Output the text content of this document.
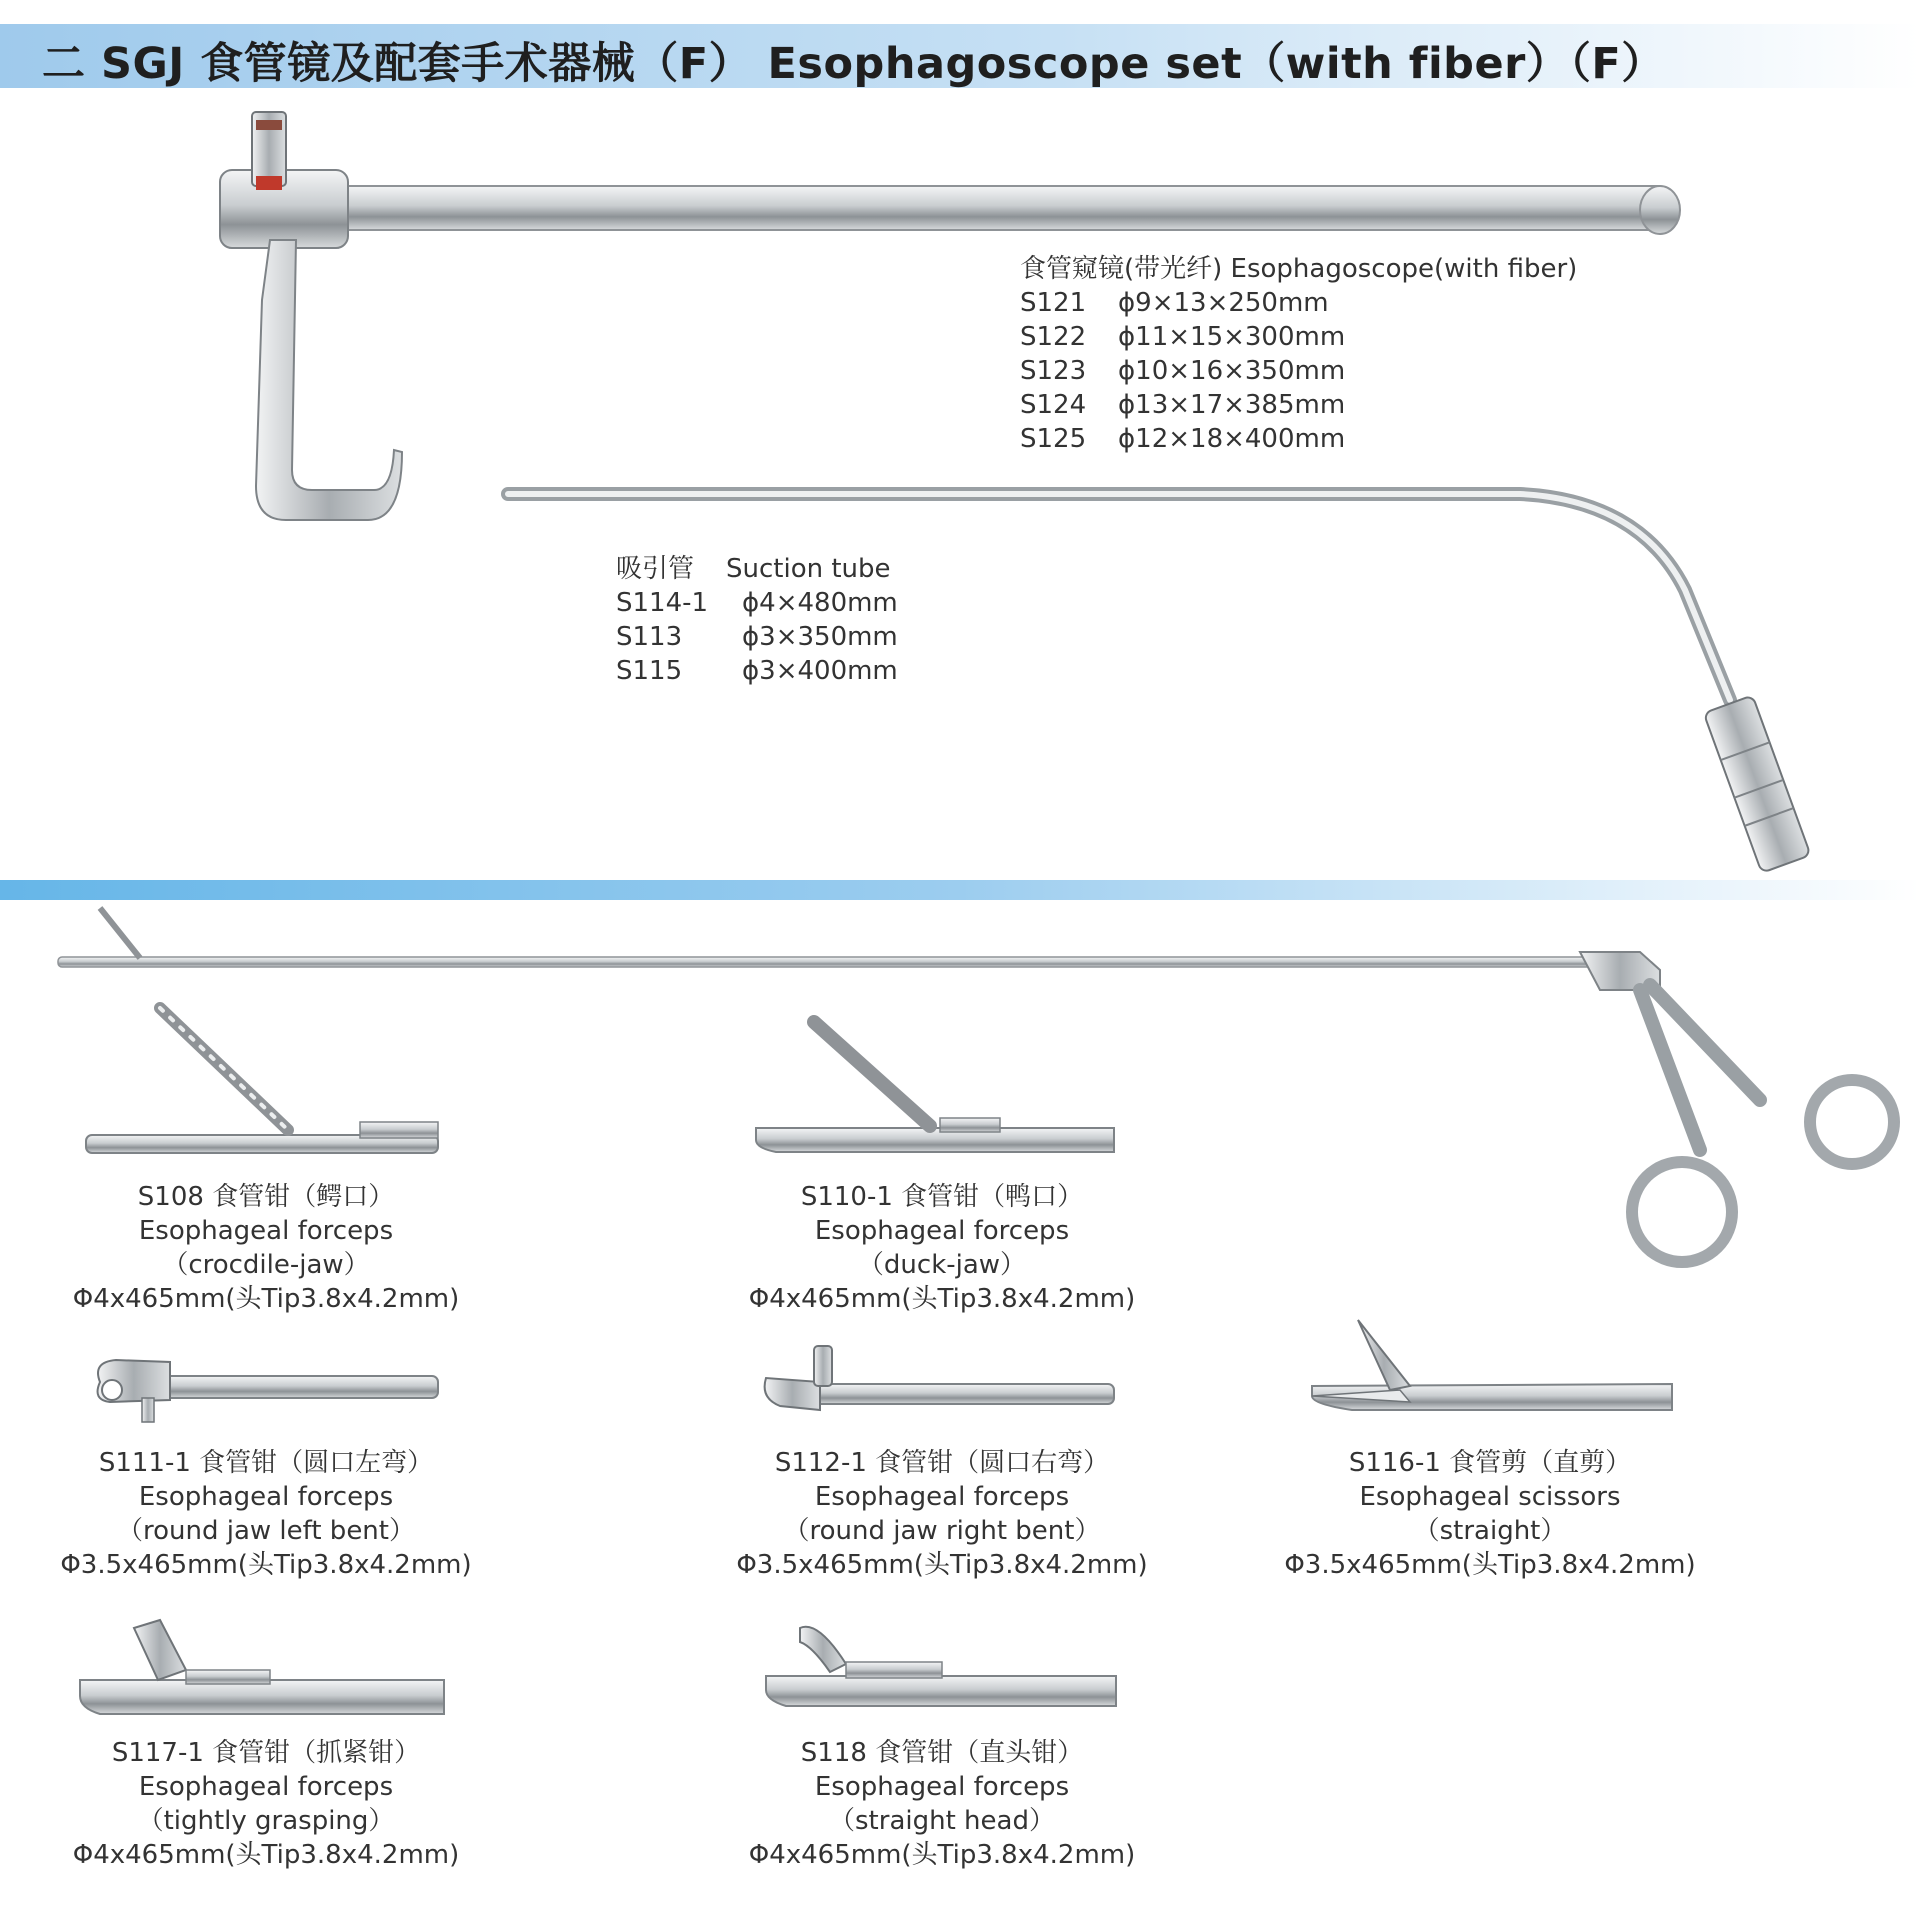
二 SGJ 食管镜及配套手术器械（F） Esophagoscope set（with fiber）（F）
食管窥镜(带光纤) Esophagoscope(with fiber)
S121	ϕ9×13×250mm
S122	ϕ11×15×300mm
S123	ϕ10×16×350mm
S124	ϕ13×17×385mm
S125	ϕ12×18×400mm
吸引管	Suction tube
S114-1	ϕ4×480mm
S113	ϕ3×350mm
S115	ϕ3×400mm
S108 食管钳（鳄口）
Esophageal forceps
（crocdile-jaw）
Φ4x465mm(头Tip3.8x4.2mm)
S110-1 食管钳（鸭口）
Esophageal forceps
（duck-jaw）
Φ4x465mm(头Tip3.8x4.2mm)
S111-1 食管钳（圆口左弯）
Esophageal forceps
（round jaw left bent）
Φ3.5x465mm(头Tip3.8x4.2mm)
S112-1 食管钳（圆口右弯）
Esophageal forceps
（round jaw right bent）
Φ3.5x465mm(头Tip3.8x4.2mm)
S116-1 食管剪（直剪）
Esophageal scissors
（straight）
Φ3.5x465mm(头Tip3.8x4.2mm)
S117-1 食管钳（抓紧钳）
Esophageal forceps
（tightly grasping）
Φ4x465mm(头Tip3.8x4.2mm)
S118 食管钳（直头钳）
Esophageal forceps
（straight head）
Φ4x465mm(头Tip3.8x4.2mm)
